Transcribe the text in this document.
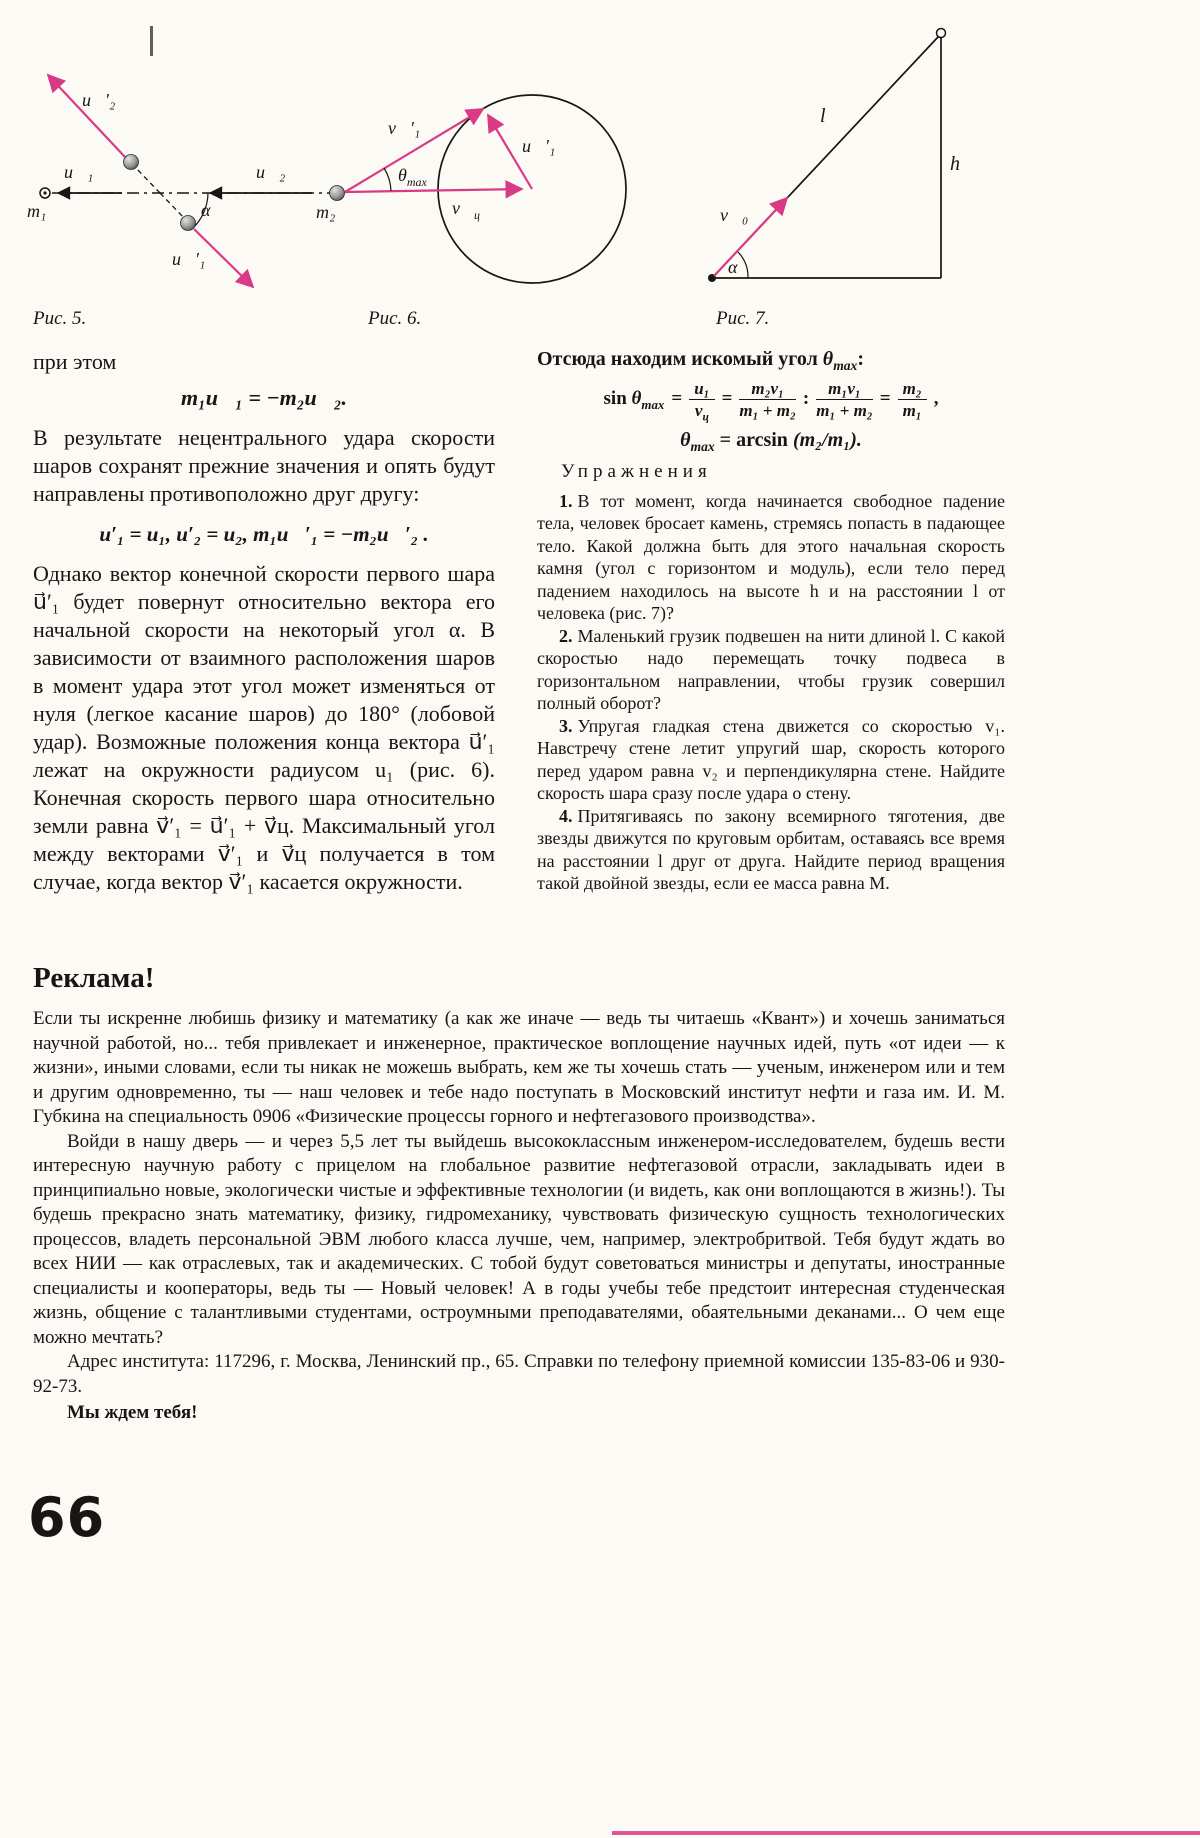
m₁
u⃗₁
u⃗′₂
u⃗₂
u⃗′₁
α	m₂
v⃗′₁
u⃗′₁
$\theta_{max}$
$v⃗_ц$
l
h
v⃗₀
α
Рис. 5.	Рис. 6.	Рис. 7.

при этом

m₁u⃗₁ = −m₂u⃗₂.

В результате нецентрального удара скорости шаров сохранят прежние значения и опять будут направлены противоположно друг другу:

u′₁ = u₁, u′₂ = u₂, m₁u⃗′₁ = −m₂u⃗′₂ .

Однако вектор конечной скорости первого шара u⃗′₁ будет повернут относительно вектора его начальной скорости на некоторый угол α. В зависимости от взаимного расположения шаров в момент удара этот угол может изменяться от нуля (легкое касание шаров) до 180° (лобовой удар). Возможные положения конца вектора u⃗′₁ лежат на окружности радиусом u₁ (рис. 6). Конечная скорость первого шара относительно земли равна v⃗′₁ = u⃗′₁ + v⃗ц. Максимальный угол между векторами v⃗′₁ и v⃗ц получается в том случае, когда вектор v⃗′₁ касается окружности.

Отсюда находим искомый угол $\theta_{max}$:

$\sin \theta_{max} = \frac{\text{u₁}}{v_ц} = \frac{\text{m₂v₁}}{\text{m₁ + m₂}}$ : $\frac{\text{m₁v₁}}{\text{m₁ + m₂}} = \frac{\text{m₂}}{\text{m₁}}$ ,
$\theta_{max} = \arcsin (m_2/m_1)$.
Упражнения

1. В тот момент, когда начинается свободное падение тела, человек бросает камень, стремясь попасть в падающее тело. Какой должна быть для этого начальная скорость камня (угол с горизонтом и модуль), если тело перед падением находилось на высоте h и на расстоянии l от человека (рис. 7)?

2. Маленький грузик подвешен на нити длиной l. С какой скоростью надо перемещать точку подвеса в горизонтальном направлении, чтобы грузик совершил полный оборот?

3. Упругая гладкая стена движется со скоростью v₁. Навстречу стене летит упругий шар, скорость которого перед ударом равна v₂ и перпендикулярна стене. Найдите скорость шара сразу после удара о стену.

4. Притягиваясь по закону всемирного тяготения, две звезды движутся по круговым орбитам, оставаясь все время на расстоянии l друг от друга. Найдите период вращения такой двойной звезды, если ее масса равна M.

Реклама!

Если ты искренне любишь физику и математику (а как же иначе — ведь ты читаешь «Квант») и хочешь заниматься научной работой, но... тебя привлекает и инженерное, практическое воплощение научных идей, путь «от идеи — к жизни», иными словами, если ты никак не можешь выбрать, кем же ты хочешь стать — ученым, инженером или и тем и другим одновременно, ты — наш человек и тебе надо поступать в Московский институт нефти и газа им. И. М. Губкина на специальность 0906 «Физические процессы горного и нефтегазового производства».

Войди в нашу дверь — и через 5,5 лет ты выйдешь высококлассным инженером-исследователем, будешь вести интересную научную работу с прицелом на глобальное развитие нефтегазовой отрасли, закладывать идеи в принципиально новые, экологически чистые и эффективные технологии (и видеть, как они воплощаются в жизнь!). Ты будешь прекрасно знать математику, физику, гидромеханику, чувствовать физическую сущность технологических процессов, владеть персональной ЭВМ любого класса лучше, чем, например, электробритвой. Тебя будут ждать во всех НИИ — как отраслевых, так и академических. С тобой будут советоваться министры и депутаты, иностранные специалисты и кооператоры, ведь ты — Новый человек! А в годы учебы тебе предстоит интересная студенческая жизнь, общение с талантливыми студентами, остроумными преподавателями, обаятельными деканами... О чем еще можно мечтать?

Адрес института: 117296, г. Москва, Ленинский пр., 65. Справки по телефону приемной комиссии 135-83-06 и 930-92-73.

Мы ждем тебя!

66
